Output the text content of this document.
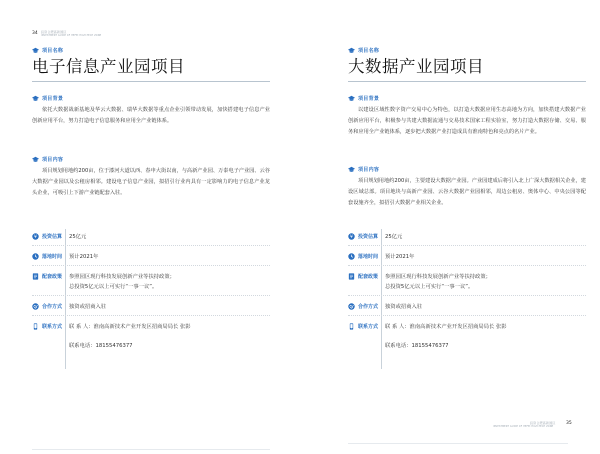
34 投资合肥高新园区
INVESTMENT GUIDE OF HEFEI HIGH-TECH ZONE
项目名称
电子信息产业园项目
项目背景
依托大数据战新基地及华云大数据、瑞华大数据等重点企业引领带动发展，加快搭建电子信息产业创新应用平台，努力打造电子信息服务和应用全产业链体系。
项目内容
项目规划用地约200亩，位于漆河大道以西、春申大街以南，与高新产业园、万泰电子产业园、云谷大数据产业园以及公租房相邻。建设电子信息产业园，拟招引行业内具有一定影响力的电子信息产业龙头企业，可吸引上下游产业链配套入驻。
¥ 投资估算 25亿元
落地时间 预计2021年
配套政策 参照园区现行科技发展创新产业等扶持政策；
总投资5亿元以上可实行“一事一议”。
合作方式 独资或招商入驻
联系方式 联 系 人：淮南高新技术产业开发区招商局局长 张影
联系电话：18155476377
项目名称
大数据产业园项目
项目背景
以建设区域性数字资产交易中心为特色，以打造大数据应用生态高地为方向，加快搭建大数据产业创新应用平台，积极参与共建大数据流通与交易技术国家工程实验室，努力打造大数据存储、交易、服务和应用全产业链体系，逐步把大数据产业打造成具有淮南特色和亮点的名片产业。
项目内容
项目规划用地约200亩，主要建设大数据产业园。产业园建成后将引入北上广深大数据相关企业，建设区域总部。项目地块与高新产业园、云谷大数据产业园相邻，周边公租房、奥体中心、中央公园等配套设施齐全，拟招引大数据产业相关企业。
¥ 投资估算 25亿元
落地时间 预计2021年
配套政策 参照园区现行科技发展创新产业等扶持政策；
总投资5亿元以上可实行“一事一议”。
合作方式 独资或招商入驻
联系方式 联 系 人：淮南高新技术产业开发区招商局局长 张影
联系电话：18155476377
投资合肥高新园区
INVESTMENT GUIDE OF HEFEI HIGH-TECH ZONE
35
